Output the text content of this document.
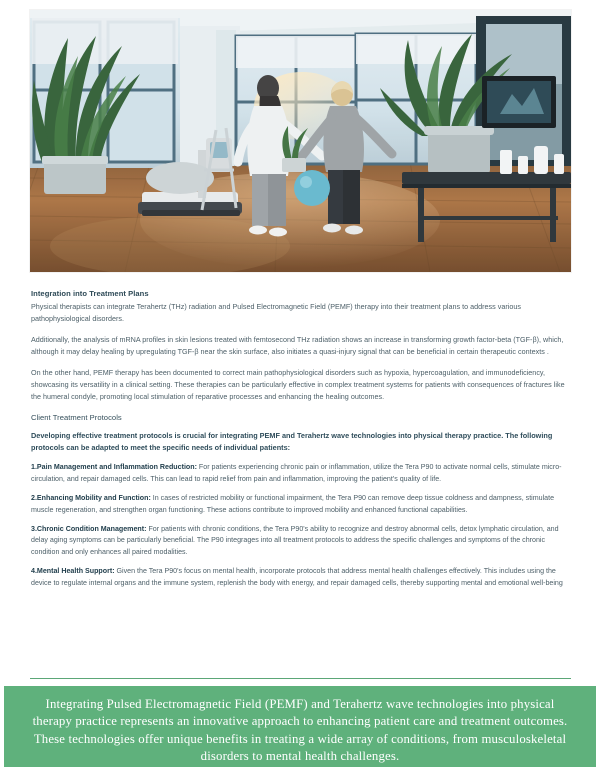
Integration into Treatment Plans

Physical therapists can integrate Terahertz (THz) radiation and Pulsed Electromagnetic Field (PEMF) therapy into their treatment plans to address various pathophysiological disorders.

Additionally, the analysis of mRNA profiles in skin lesions treated with femtosecond THz radiation shows an increase in transforming growth factor-beta (TGF-β), which, although it may delay healing by upregulating TGF-β near the skin surface, also initiates a quasi-injury signal that can be beneficial in certain therapeutic contexts .

On the other hand, PEMF therapy has been documented to correct main pathophysiological disorders such as hypoxia, hypercoagulation, and immunodeficiency, showcasing its versatility in a clinical setting. These therapies can be particularly effective in complex treatment systems for patients with consequences of fractures like the humeral condyle, promoting local stimulation of reparative processes and enhancing the healing outcomes.

Client Treatment Protocols

Developing effective treatment protocols is crucial for integrating PEMF and Terahertz wave technologies into physical therapy practice. The following protocols can be adapted to meet the specific needs of individual patients:

1.Pain Management and Inflammation Reduction: For patients experiencing chronic pain or inflammation, utilize the Tera P90 to activate normal cells, stimulate micro-circulation, and repair damaged cells. This can lead to rapid relief from pain and inflammation, improving the patient's quality of life.

2.Enhancing Mobility and Function: In cases of restricted mobility or functional impairment, the Tera P90 can remove deep tissue coldness and dampness, stimulate muscle regeneration, and strengthen organ functioning. These actions contribute to improved mobility and enhanced functional capabilities.

3.Chronic Condition Management: For patients with chronic conditions, the Tera P90's ability to recognize and destroy abnormal cells, detox lymphatic circulation, and delay aging symptoms can be particularly beneficial. The P90 integrages into all treatment protocols to address the specific challenges and symptoms of the chronic condition and only enhances all paired modalities.

4.Mental Health Support: Given the Tera P90's focus on mental health, incorporate protocols that address mental health challenges effectively. This includes using the device to regulate internal organs and the immune system, replenish the body with energy, and repair damaged cells, thereby supporting mental and emotional well-being

Integrating Pulsed Electromagnetic Field (PEMF) and Terahertz wave technologies into physical therapy practice represents an innovative approach to enhancing patient care and treatment outcomes. These technologies offer unique benefits in treating a wide array of conditions, from musculoskeletal disorders to mental health challenges.
